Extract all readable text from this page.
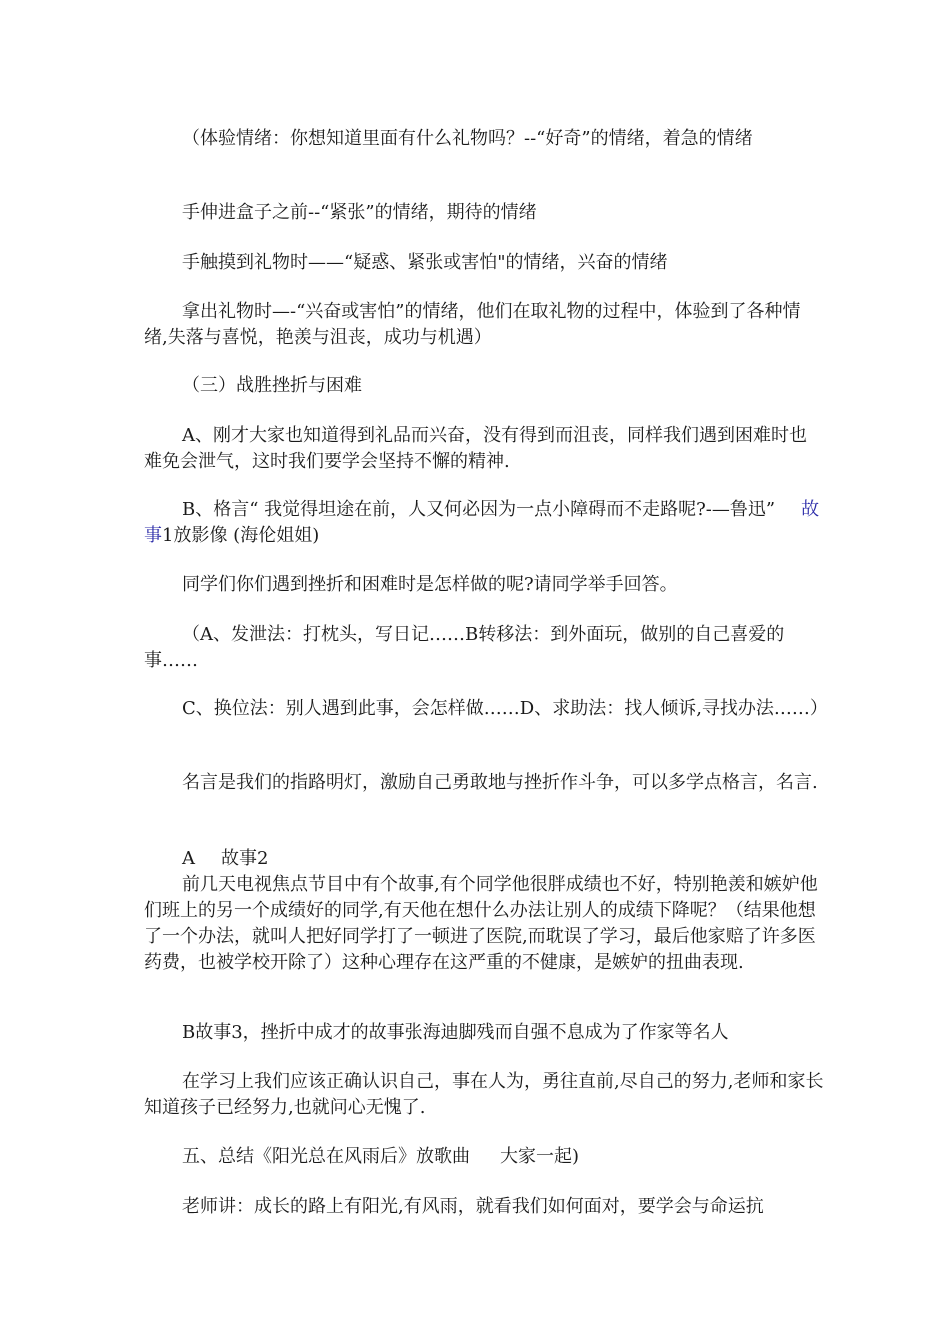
（体验情绪：你想知道里面有什么礼物吗？--“好奇”的情绪，着急的情绪

手伸进盒子之前--“紧张”的情绪，期待的情绪

手触摸到礼物时——“疑惑、紧张或害怕"的情绪，兴奋的情绪

拿出礼物时—-“兴奋或害怕”的情绪，他们在取礼物的过程中，体验到了各种情绪,失落与喜悦，艳羡与沮丧，成功与机遇）

（三）战胜挫折与困难

A、刚才大家也知道得到礼品而兴奋，没有得到而沮丧，同样我们遇到困难时也难免会泄气，这时我们要学会坚持不懈的精神.

B、格言“ 我觉得坦途在前，人又何必因为一点小障碍而不走路呢?-—鲁迅” 故事1放影像 (海伦姐姐)

同学们你们遇到挫折和困难时是怎样做的呢?请同学举手回答。

（A、发泄法：打枕头，写日记……B转移法：到外面玩，做别的自己喜爱的事……

C、换位法：别人遇到此事，会怎样做……D、求助法：找人倾诉,寻找办法……）

名言是我们的指路明灯，激励自己勇敢地与挫折作斗争，可以多学点格言，名言.

A 故事2

前几天电视焦点节目中有个故事,有个同学他很胖成绩也不好，特别艳羡和嫉妒他们班上的另一个成绩好的同学,有天他在想什么办法让别人的成绩下降呢？（结果他想了一个办法，就叫人把好同学打了一顿进了医院,而耽误了学习，最后他家赔了许多医药费，也被学校开除了）这种心理存在这严重的不健康，是嫉妒的扭曲表现.

B故事3，挫折中成才的故事张海迪脚残而自强不息成为了作家等名人

在学习上我们应该正确认识自己，事在人为，勇往直前,尽自己的努力,老师和家长知道孩子已经努力,也就问心无愧了.

五、总结《阳光总在风雨后》放歌曲 大家一起)

老师讲：成长的路上有阳光,有风雨，就看我们如何面对，要学会与命运抗
